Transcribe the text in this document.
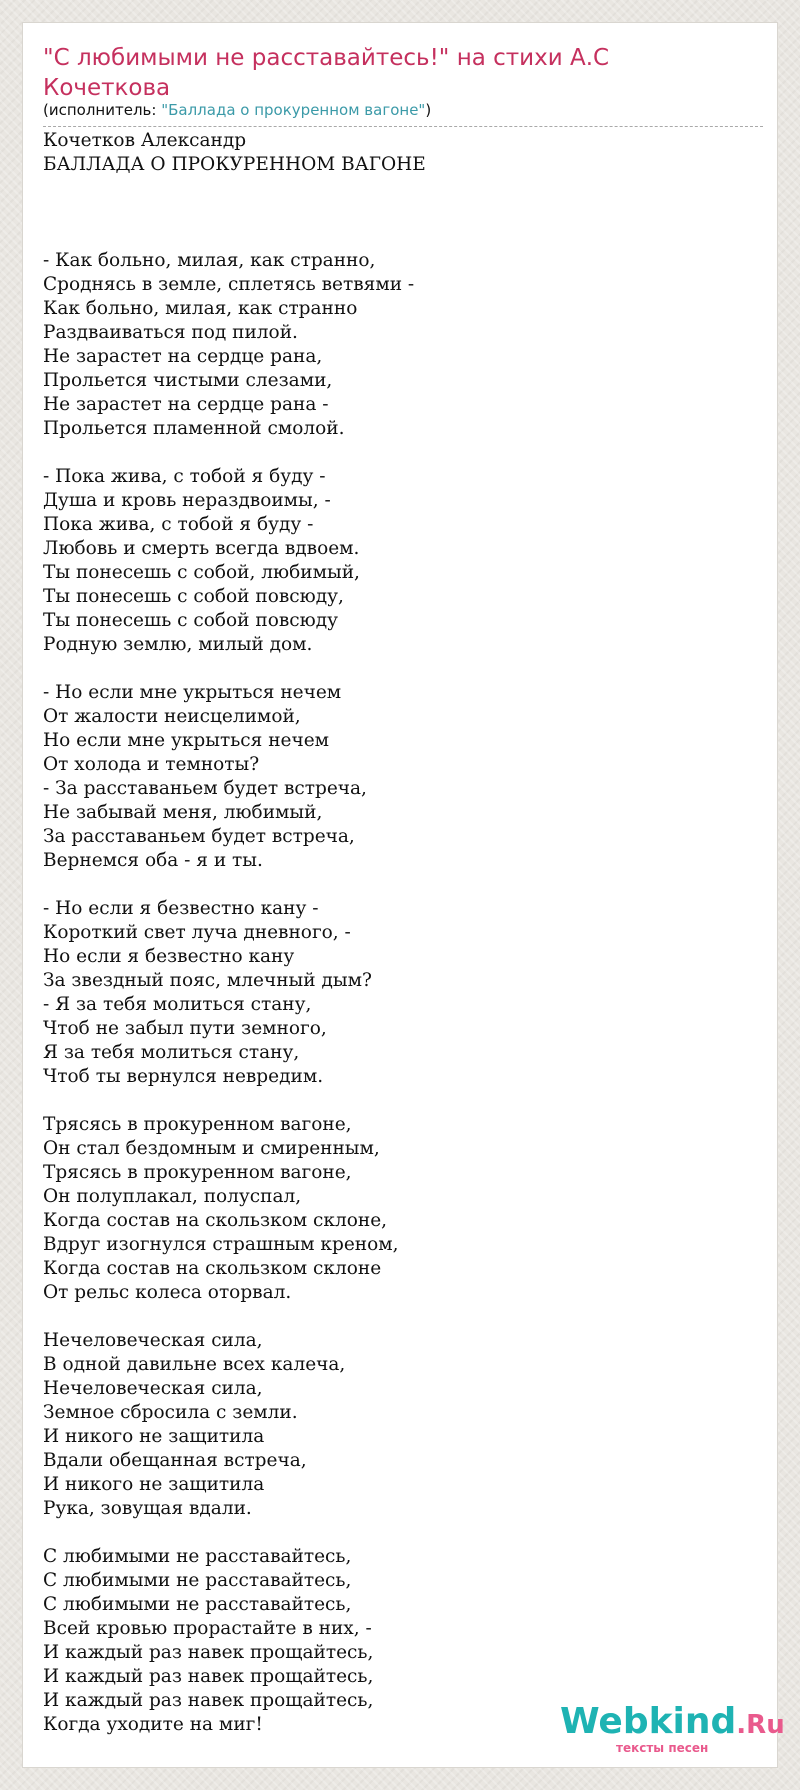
"С любимыми не расставайтесь!" на стихи А.С Кочеткова
(исполнитель: "Баллада о прокуренном вагоне")
Кочетков Александр
БАЛЛАДА О ПРОКУРЕННОМ ВАГОНЕ

- Как больно, милая, как странно,
Сроднясь в земле, сплетясь ветвями -
Как больно, милая, как странно
Раздваиваться под пилой.
Не зарастет на сердце рана,
Прольется чистыми слезами,
Не зарастет на сердце рана -
Прольется пламенной смолой.

- Пока жива, с тобой я буду -
Душа и кровь нераздвоимы, -
Пока жива, с тобой я буду -
Любовь и смерть всегда вдвоем.
Ты понесешь с собой, любимый,
Ты понесешь с собой повсюду,
Ты понесешь с собой повсюду
Родную землю, милый дом.

- Но если мне укрыться нечем
От жалости неисцелимой,
Но если мне укрыться нечем
От холода и темноты?
- За расставаньем будет встреча,
Не забывай меня, любимый,
За расставаньем будет встреча,
Вернемся оба - я и ты.

- Но если я безвестно кану -
Короткий свет луча дневного, -
Но если я безвестно кану
За звездный пояс, млечный дым?
- Я за тебя молиться стану,
Чтоб не забыл пути земного,
Я за тебя молиться стану,
Чтоб ты вернулся невредим.

Трясясь в прокуренном вагоне,
Он стал бездомным и смиренным,
Трясясь в прокуренном вагоне,
Он полуплакал, полуспал,
Когда состав на скользком склоне,
Вдруг изогнулся страшным креном,
Когда состав на скользком склоне
От рельс колеса оторвал.

Нечеловеческая сила,
В одной давильне всех калеча,
Нечеловеческая сила,
Земное сбросила с земли.
И никого не защитила
Вдали обещанная встреча,
И никого не защитила
Рука, зовущая вдали.

С любимыми не расставайтесь,
С любимыми не расставайтесь,
С любимыми не расставайтесь,
Всей кровью прорастайте в них, -
И каждый раз навек прощайтесь,
И каждый раз навек прощайтесь,
И каждый раз навек прощайтесь,
Когда уходите на миг!	Webkind.Ru
тексты песен
